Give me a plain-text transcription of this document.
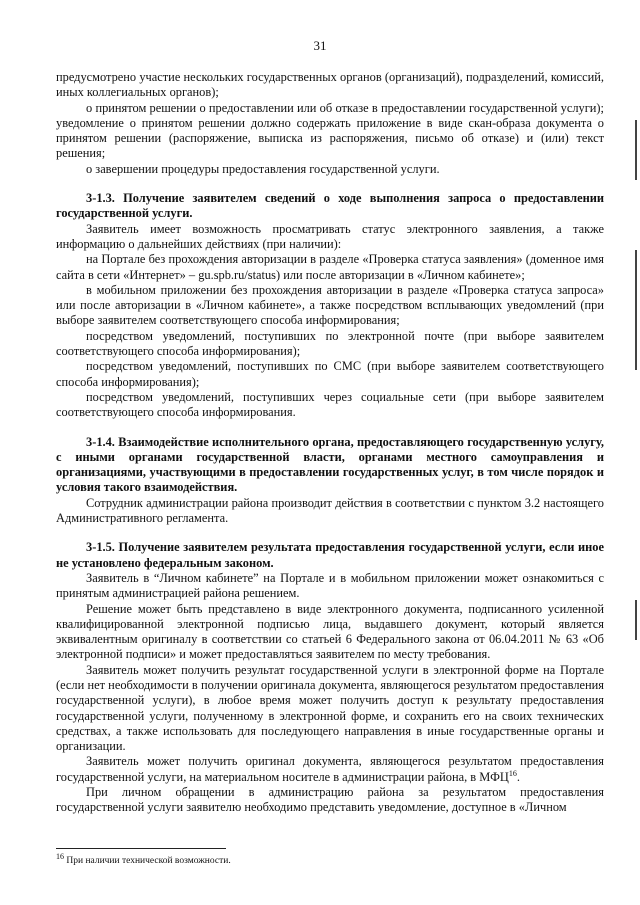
31

предусмотрено участие нескольких государственных органов (организаций), подразделений, комиссий, иных коллегиальных органов);

о принятом решении о предоставлении или об отказе в предоставлении государственной услуги); уведомление о принятом решении должно содержать приложение в виде скан-образа документа о принятом решении (распоряжение, выписка из распоряжения, письмо об отказе) и (или) текст решения;

о завершении процедуры предоставления государственной услуги.

3-1.3. Получение заявителем сведений о ходе выполнения запроса о предоставлении государственной услуги.

Заявитель имеет возможность просматривать статус электронного заявления, а также информацию о дальнейших действиях (при наличии):

на Портале без прохождения авторизации в разделе «Проверка статуса заявления» (доменное имя сайта в сети «Интернет» – gu.spb.ru/status) или после авторизации в «Личном кабинете»;

в мобильном приложении без прохождения авторизации в разделе «Проверка статуса запроса» или после авторизации в «Личном кабинете», а также посредством всплывающих уведомлений (при выборе заявителем соответствующего способа информирования;

посредством уведомлений, поступивших по электронной почте (при выборе заявителем соответствующего способа информирования);

посредством уведомлений, поступивших по СМС (при выборе заявителем соответствующего способа информирования);

посредством уведомлений, поступивших через социальные сети (при выборе заявителем соответствующего способа информирования.

3-1.4. Взаимодействие исполнительного органа, предоставляющего государственную услугу, с иными органами государственной власти, органами местного самоуправления и организациями, участвующими в предоставлении государственных услуг, в том числе порядок и условия такого взаимодействия.

Сотрудник администрации района производит действия в соответствии с пунктом 3.2 настоящего Административного регламента.

3-1.5. Получение заявителем результата предоставления государственной услуги, если иное не установлено федеральным законом.

Заявитель в “Личном кабинете” на Портале и в мобильном приложении может ознакомиться с принятым администрацией района решением.

Решение может быть представлено в виде электронного документа, подписанного усиленной квалифицированной электронной подписью лица, выдавшего документ, который является эквивалентным оригиналу в соответствии со статьей 6 Федерального закона от 06.04.2011 № 63 «Об электронной подписи» и может предоставляться заявителем по месту требования.

Заявитель может получить результат государственной услуги в электронной форме на Портале (если нет необходимости в получении оригинала документа, являющегося результатом предоставления государственной услуги), в любое время может получить доступ к результату предоставления государственной услуги, полученному в электронной форме, и сохранить его на своих технических средствах, а также использовать для последующего направления в иные государственные органы и организации.

Заявитель может получить оригинал документа, являющегося результатом предоставления государственной услуги, на материальном носителе в администрации района, в МФЦ$^{16}$.

При личном обращении в администрацию района за результатом предоставления государственной услуги заявителю необходимо представить уведомление, доступное в «Личном

$^{16}$ При наличии технической возможности.
